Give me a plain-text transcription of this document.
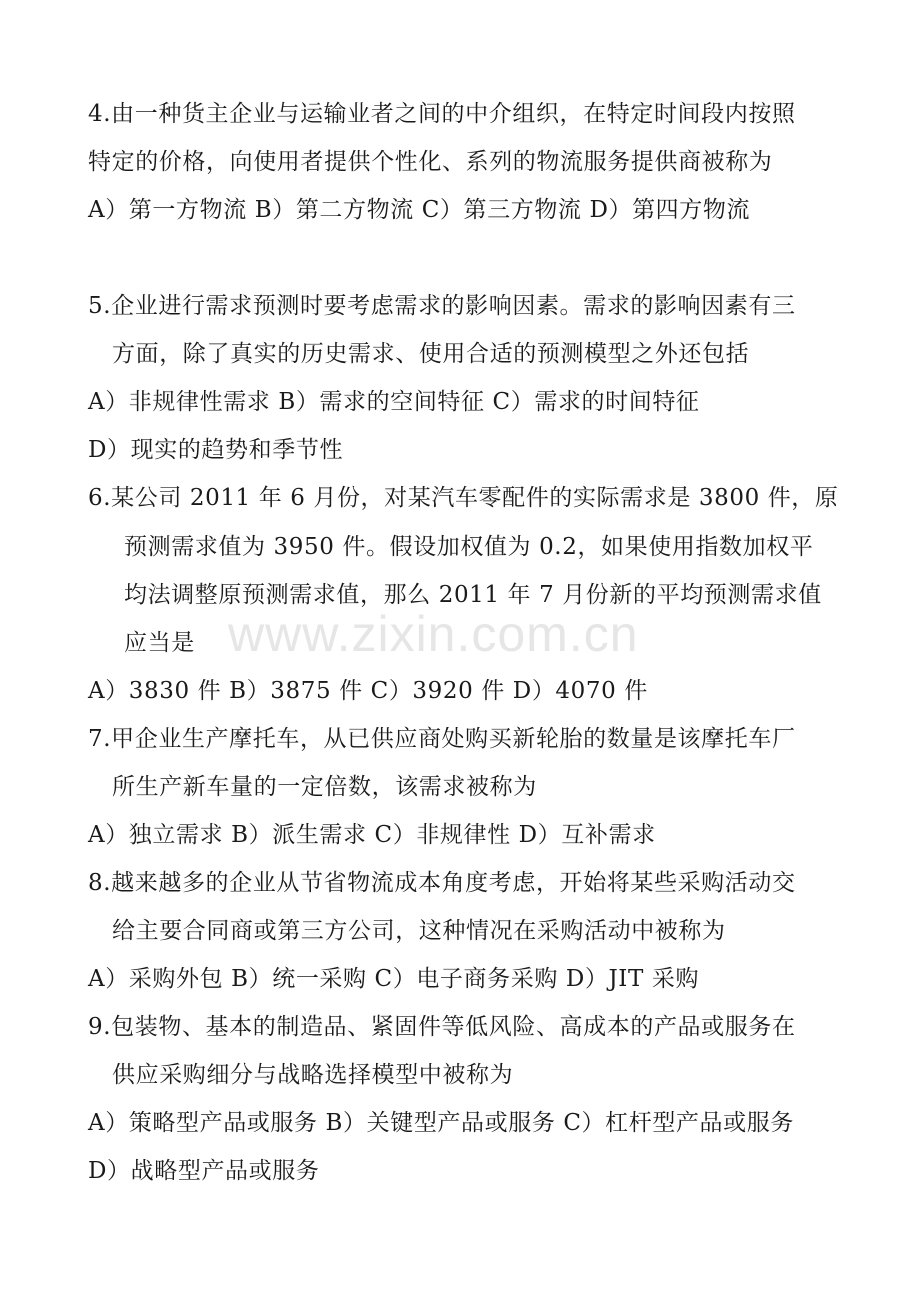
4.由一种货主企业与运输业者之间的中介组织，在特定时间段内按照
特定的价格，向使用者提供个性化、系列的物流服务提供商被称为
A）第一方物流 B）第二方物流 C）第三方物流 D）第四方物流
5.企业进行需求预测时要考虑需求的影响因素。需求的影响因素有三
方面，除了真实的历史需求、使用合适的预测模型之外还包括
A）非规律性需求 B）需求的空间特征 C）需求的时间特征
D）现实的趋势和季节性
6.某公司 2011 年 6 月份，对某汽车零配件的实际需求是 3800 件，原
预测需求值为 3950 件。假设加权值为 0.2，如果使用指数加权平
均法调整原预测需求值，那么 2011 年 7 月份新的平均预测需求值
应当是
A）3830 件 B）3875 件 C）3920 件 D）4070 件
7.甲企业生产摩托车，从已供应商处购买新轮胎的数量是该摩托车厂
所生产新车量的一定倍数，该需求被称为
A）独立需求 B）派生需求 C）非规律性 D）互补需求
8.越来越多的企业从节省物流成本角度考虑，开始将某些采购活动交
给主要合同商或第三方公司，这种情况在采购活动中被称为
A）采购外包 B）统一采购 C）电子商务采购 D）JIT 采购
9.包装物、基本的制造品、紧固件等低风险、高成本的产品或服务在
供应采购细分与战略选择模型中被称为
A）策略型产品或服务 B）关键型产品或服务 C）杠杆型产品或服务
D）战略型产品或服务
www.zixin.com.cn
